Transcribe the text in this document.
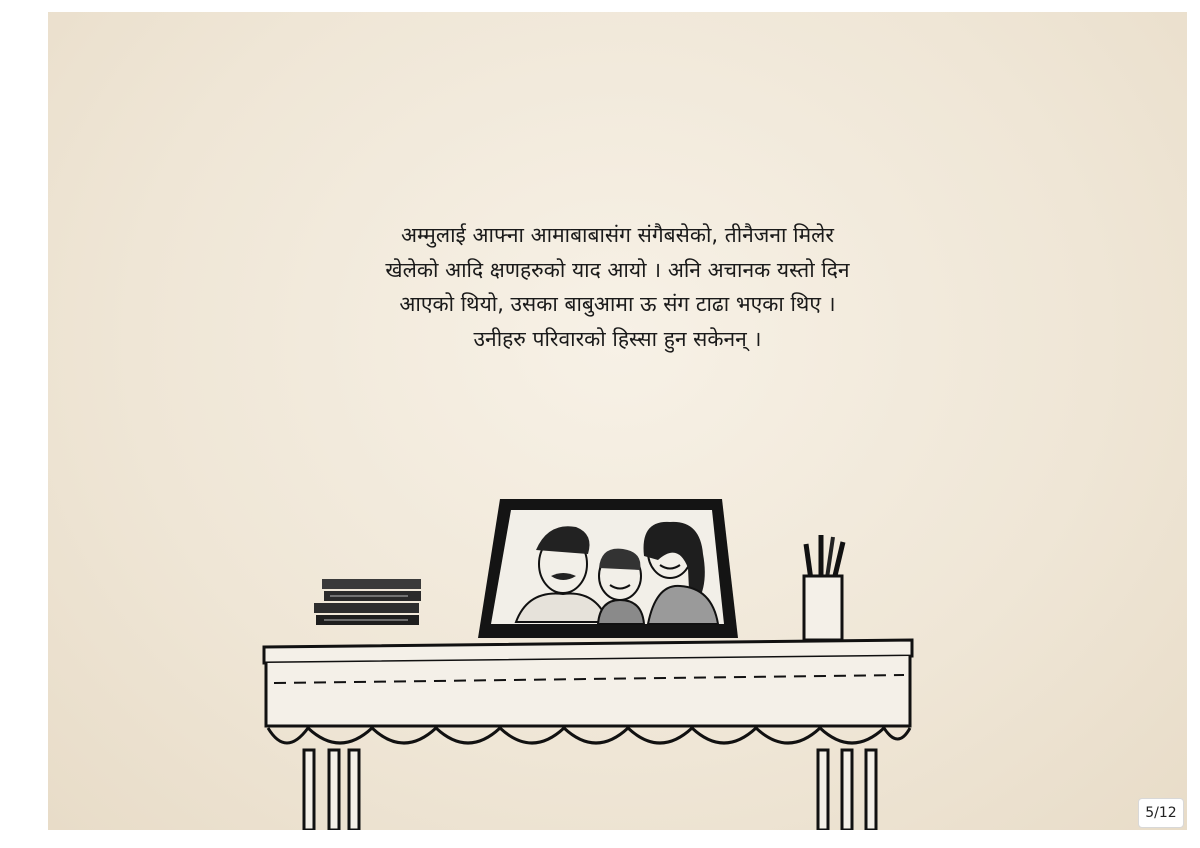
अम्मुलाई आफ्ना आमाबाबासंग संगैबसेको, तीनैजना मिलेर
खेलेको आदि क्षणहरुको याद आयो । अनि अचानक यस्तो दिन
आएको थियो, उसका बाबुआमा ऊ संग टाढा भएका थिए ।
उनीहरु परिवारको हिस्सा हुन सकेनन् ।
5/12
